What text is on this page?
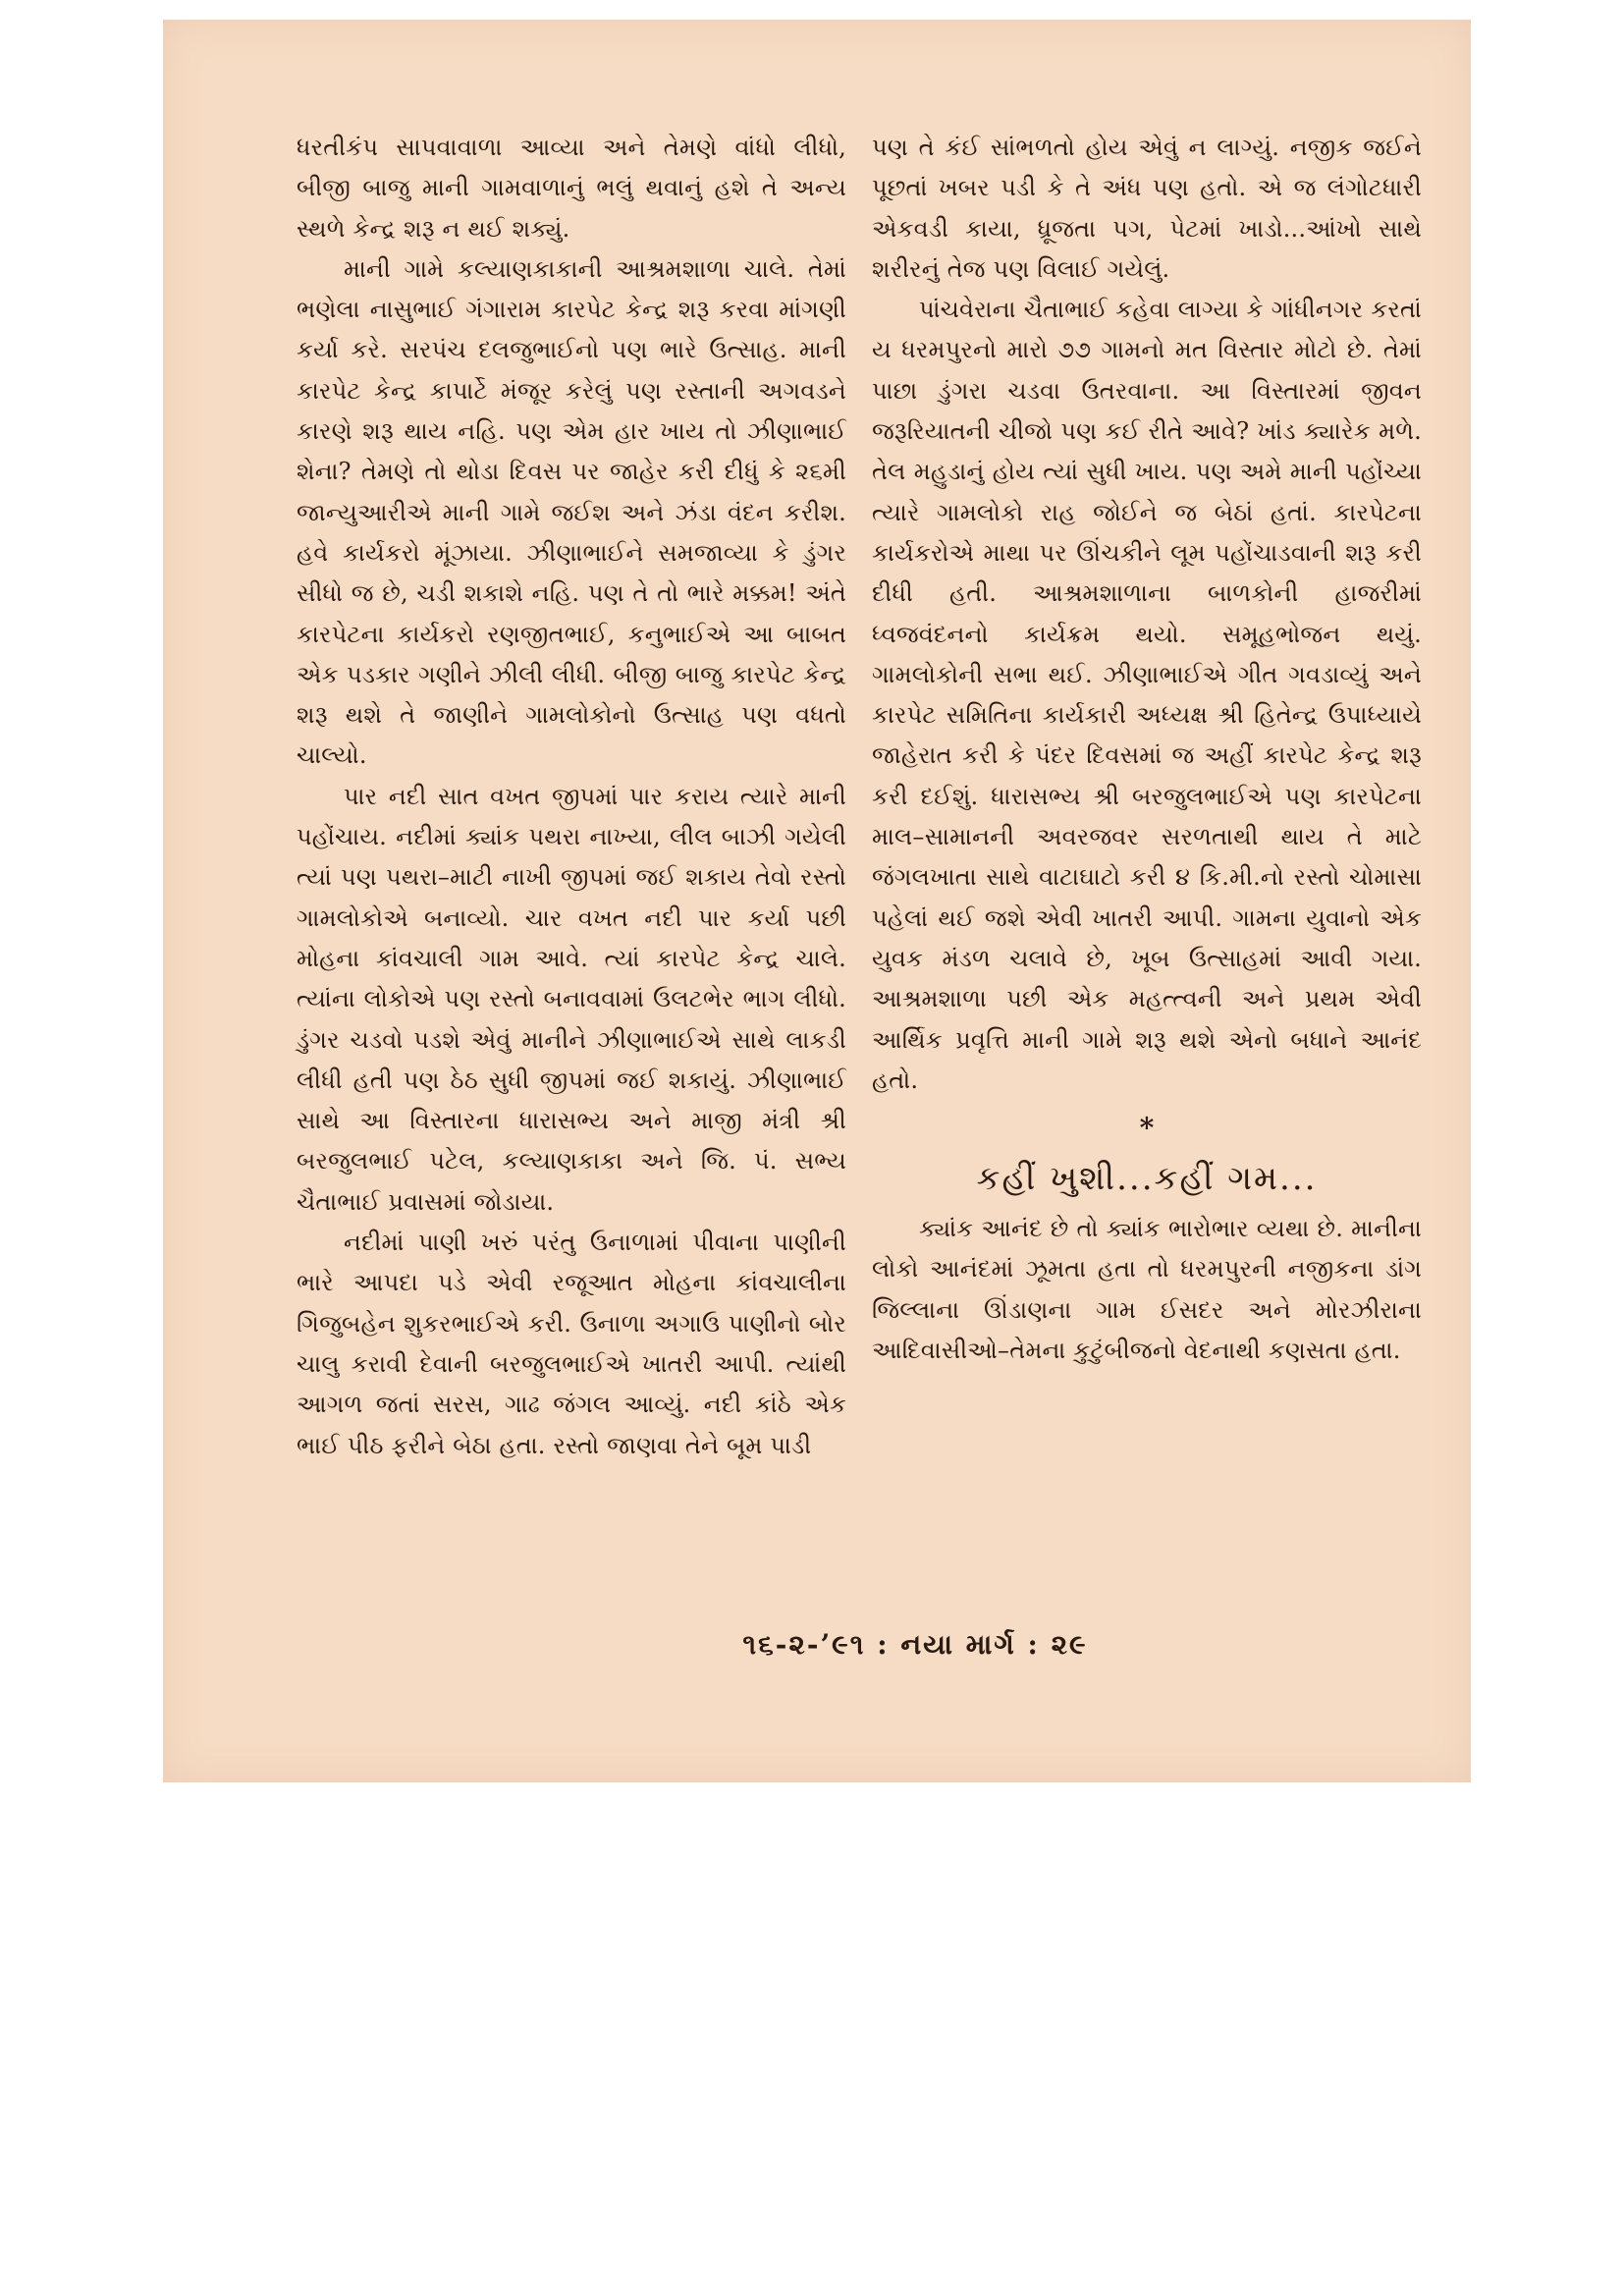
ધરતીકંપ સાપવાવાળા આવ્યા અને તેમણે વાંધો લીધો, બીજી બાજુ માની ગામવાળાનું ભલું થવાનું હશે તે અન્ય સ્થળે કેન્દ્ર શરૂ ન થઈ શક્યું.

માની ગામે કલ્યાણકાકાની આશ્રમશાળા ચાલે. તેમાં ભણેલા નાસુભાઈ ગંગારામ કારપેટ કેન્દ્ર શરૂ કરવા માંગણી કર્યા કરે. સરપંચ દલજુભાઈનો પણ ભારે ઉત્સાહ. માની કારપેટ કેન્દ્ર કાપાર્ટે મંજૂર કરેલું પણ રસ્તાની અગવડને કારણે શરૂ થાય નહિ. પણ એમ હાર ખાય તો ઝીણાભાઈ શેના? તેમણે તો થોડા દિવસ પર જાહેર કરી દીધું કે ૨૬મી જાન્યુઆરીએ માની ગામે જઈશ અને ઝંડા વંદન કરીશ. હવે કાર્યકરો મૂંઝાયા. ઝીણાભાઈને સમજાવ્યા કે ડુંગર સીધો જ છે, ચડી શકાશે નહિ. પણ તે તો ભારે મક્કમ! અંતે કારપેટના કાર્યકરો રણજીતભાઈ, કનુભાઈએ આ બાબત એક પડકાર ગણીને ઝીલી લીધી. બીજી બાજુ કારપેટ કેન્દ્ર શરૂ થશે તે જાણીને ગામલોકોનો ઉત્સાહ પણ વધતો ચાલ્યો.

પાર નદી સાત વખત જીપમાં પાર કરાય ત્યારે માની પહોંચાય. નદીમાં ક્યાંક પથરા નાખ્યા, લીલ બાઝી ગયેલી ત્યાં પણ પથરા–માટી નાખી જીપમાં જઈ શકાય તેવો રસ્તો ગામલોકોએ બનાવ્યો. ચાર વખત નદી પાર કર્યા પછી મોહના કાંવચાલી ગામ આવે. ત્યાં કારપેટ કેન્દ્ર ચાલે. ત્યાંના લોકોએ પણ રસ્તો બનાવવામાં ઉલટભેર ભાગ લીધો. ડુંગર ચડવો પડશે એવું માનીને ઝીણાભાઈએ સાથે લાકડી લીધી હતી પણ ઠેઠ સુધી જીપમાં જઈ શકાયું. ઝીણાભાઈ સાથે આ વિસ્તારના ધારાસભ્ય અને માજી મંત્રી શ્રી બરજુલભાઈ પટેલ, કલ્યાણકાકા અને જિ. પં. સભ્ય ચૈતાભાઈ પ્રવાસમાં જોડાયા.

નદીમાં પાણી ખરું પરંતુ ઉનાળામાં પીવાના પાણીની ભારે આપદા પડે એવી રજૂઆત મોહના કાંવચાલીના ગિજુબહેન શુકરભાઈએ કરી. ઉનાળા અગાઉ પાણીનો બોર ચાલુ કરાવી દેવાની બરજુલભાઈએ ખાતરી આપી. ત્યાંથી આગળ જતાં સરસ, ગાઢ જંગલ આવ્યું. નદી કાંઠે એક ભાઈ પીઠ ફરીને બેઠા હતા. રસ્તો જાણવા તેને બૂમ પાડી

પણ તે કંઈ સાંભળતો હોય એવું ન લાગ્યું. નજીક જઈને પૂછતાં ખબર પડી કે તે અંધ પણ હતો. એ જ લંગોટધારી એકવડી કાયા, ધ્રૂજતા પગ, પેટમાં ખાડો...આંખો સાથે શરીરનું તેજ પણ વિલાઈ ગયેલું.

પાંચવેરાના ચૈતાભાઈ કહેવા લાગ્યા કે ગાંધીનગર કરતાં ય ધરમપુરનો મારો ૭૭ ગામનો મત વિસ્તાર મોટો છે. તેમાં પાછા ડુંગરા ચડવા ઉતરવાના. આ વિસ્તારમાં જીવન જરૂરિયાતની ચીજો પણ કઈ રીતે આવે? ખાંડ ક્યારેક મળે. તેલ મહુડાનું હોય ત્યાં સુધી ખાય. પણ અમે માની પહોંચ્યા ત્યારે ગામલોકો રાહ જોઈને જ બેઠાં હતાં. કારપેટના કાર્યકરોએ માથા પર ઊંચકીને લૂમ પહોંચાડવાની શરૂ કરી દીધી હતી. આશ્રમશાળાના બાળકોની હાજરીમાં ધ્વજવંદનનો કાર્યક્રમ થયો. સમૂહભોજન થયું. ગામલોકોની સભા થઈ. ઝીણાભાઈએ ગીત ગવડાવ્યું અને કારપેટ સમિતિના કાર્યકારી અધ્યક્ષ શ્રી હિતેન્દ્ર ઉપાધ્યાયે જાહેરાત કરી કે પંદર દિવસમાં જ અહીં કારપેટ કેન્દ્ર શરૂ કરી દઈશું. ધારાસભ્ય શ્રી બરજુલભાઈએ પણ કારપેટના માલ–સામાનની અવરજવર સરળતાથી થાય તે માટે જંગલખાતા સાથે વાટાઘાટો કરી ૪ કિ.મી.નો રસ્તો ચોમાસા પહેલાં થઈ જશે એવી ખાતરી આપી. ગામના યુવાનો એક યુવક મંડળ ચલાવે છે, ખૂબ ઉત્સાહમાં આવી ગયા. આશ્રમશાળા પછી એક મહત્ત્વની અને પ્રથમ એવી આર્થિક પ્રવૃત્તિ માની ગામે શરૂ થશે એનો બધાને આનંદ હતો.

*
કહીં ખુશી...કહીં ગમ...

ક્યાંક આનંદ છે તો ક્યાંક ભારોભાર વ્યથા છે. માનીના લોકો આનંદમાં ઝૂમતા હતા તો ધરમપુરની નજીકના ડાંગ જિલ્લાના ઊંડાણના ગામ ઈસદર અને મોરઝીરાના આદિવાસીઓ–તેમના કુટુંબીજનો વેદનાથી કણસતા હતા.

૧૬-૨-’૯૧ : નયા માર્ગ : ૨૯
